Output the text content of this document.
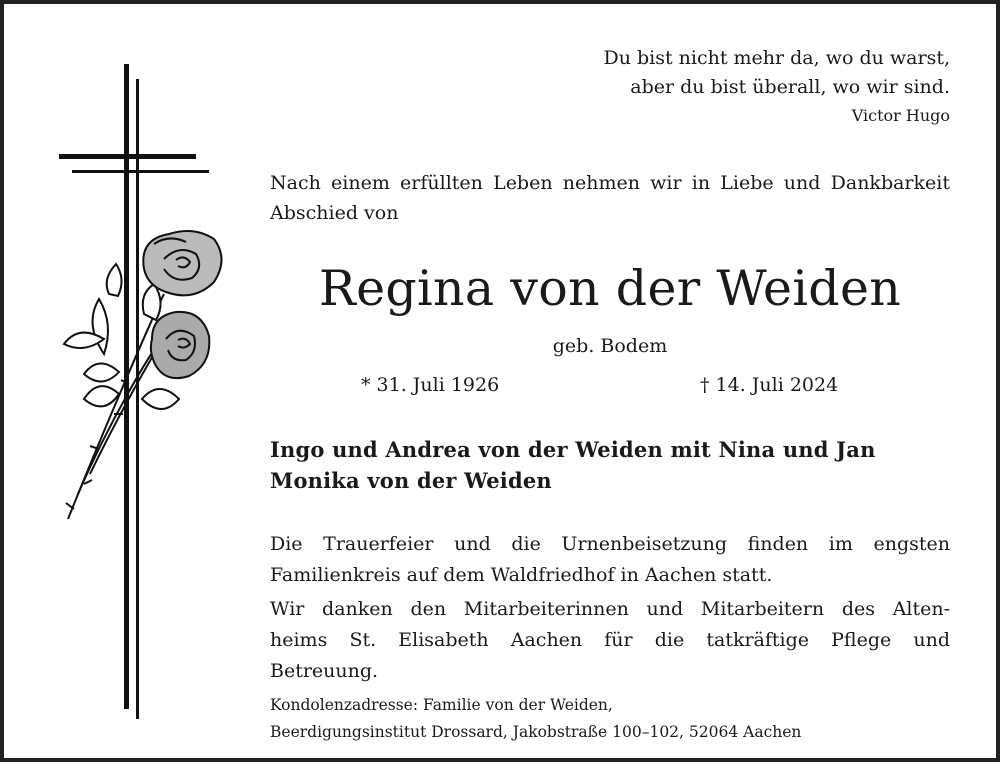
Du bist nicht mehr da, wo du warst,
aber du bist überall, wo wir sind.
Victor Hugo
Nach einem erfüllten Leben nehmen wir in Liebe und Dankbarkeit Abschied von
Regina von der Weiden
geb. Bodem
* 31. Juli 1926	† 14. Juli 2024
Ingo und Andrea von der Weiden mit Nina und Jan
Monika von der Weiden
Die Trauerfeier und die Urnenbeisetzung finden im engsten Familienkreis auf dem Waldfriedhof in Aachen statt.
Wir danken den Mitarbeiterinnen und Mitarbeitern des Alten-
heims St. Elisabeth Aachen für die tatkräftige Pflege und
Betreuung.
Kondolenzadresse: Familie von der Weiden,
Beerdigungsinstitut Drossard, Jakobstraße 100–102, 52064 Aachen
